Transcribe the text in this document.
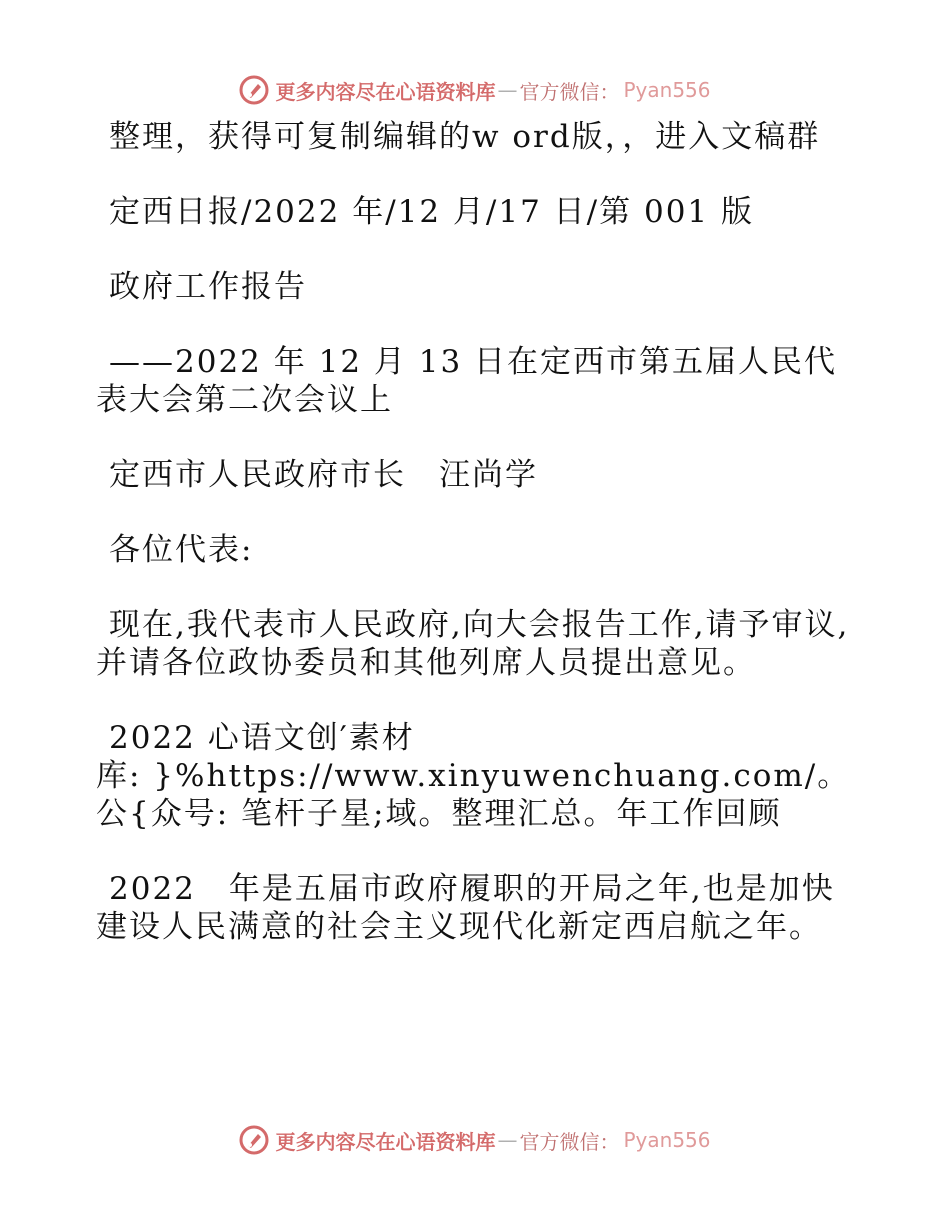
更多内容尽在心语资料库 — 官方微信： Pyan556

整理，获得可复制编辑的w ord版，，进入文稿群

定西日报/2022 年/12 月/17 日/第 001 版

政府工作报告

——2022 年 12 月 13 日在定西市第五届人民代表大会第二次会议上

定西市人民政府市长　汪尚学

各位代表:

现在,我代表市人民政府,向大会报告工作,请予审议,并请各位政协委员和其他列席人员提出意见。

2022 心语文创′素材

库: }%https://www.xinyuwenchuang.com/。公{众号: 笔杆子星;域。整理汇总。年工作回顾

2022　年是五届市政府履职的开局之年,也是加快建设人民满意的社会主义现代化新定西启航之年。

更多内容尽在心语资料库 — 官方微信： Pyan556
